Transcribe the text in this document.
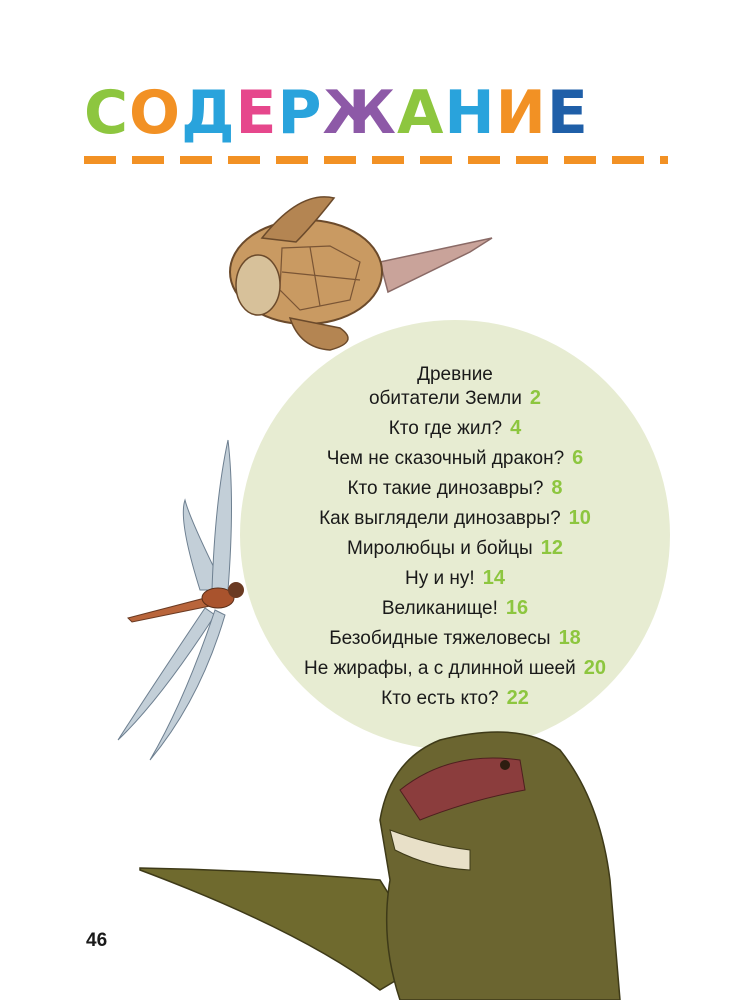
С О Д Е Р Ж А Н И Е
Древние
обитатели Земли 2
Кто где жил? 4
Чем не сказочный дракон? 6
Кто такие динозавры? 8
Как выглядели динозавры? 10
Миролюбцы и бойцы 12
Ну и ну! 14
Великанище! 16
Безобидные тяжеловесы 18
Не жирафы, а с длинной шеей 20
Кто есть кто? 22
46
